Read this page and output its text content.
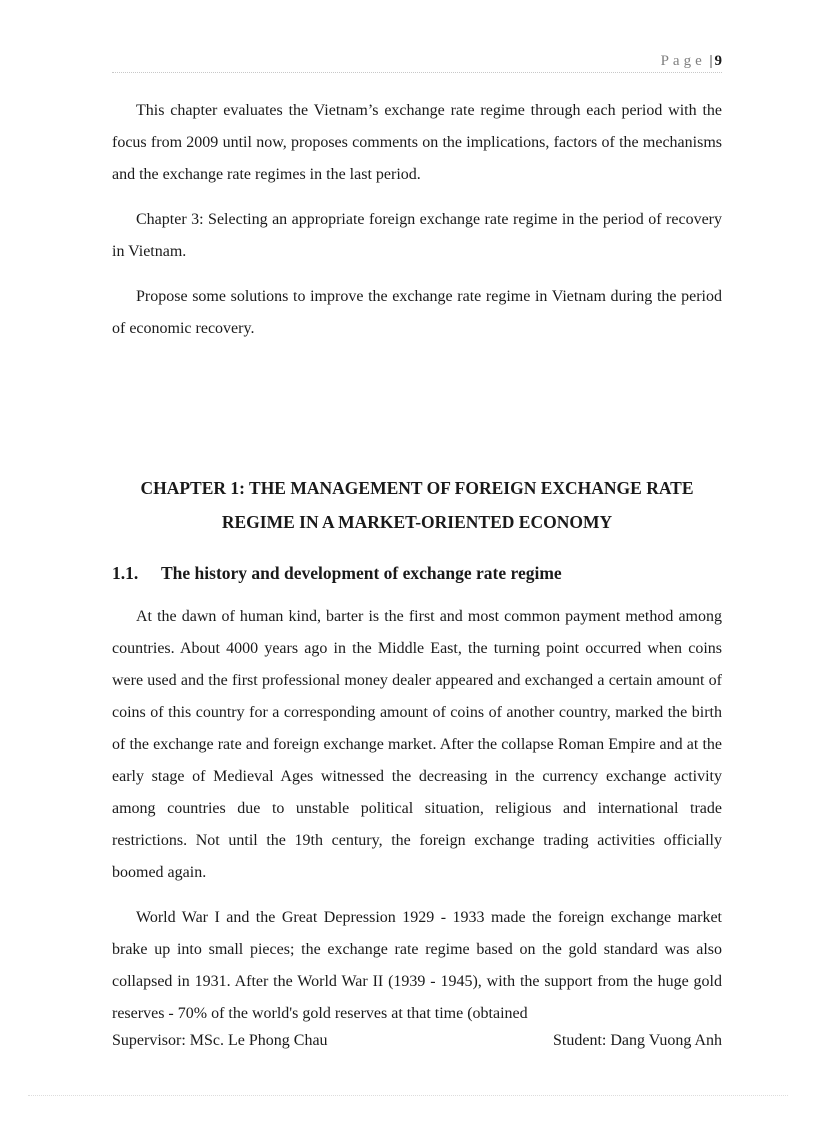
Page | 9

This chapter evaluates the Vietnam’s exchange rate regime through each period with the focus from 2009 until now, proposes comments on the implications, factors of the mechanisms and the exchange rate regimes in the last period.

Chapter 3: Selecting an appropriate foreign exchange rate regime in the period of recovery in Vietnam.

Propose some solutions to improve the exchange rate regime in Vietnam during the period of economic recovery.

CHAPTER 1: THE MANAGEMENT OF FOREIGN EXCHANGE RATE
REGIME IN A MARKET-ORIENTED ECONOMY
1.1. The history and development of exchange rate regime

At the dawn of human kind, barter is the first and most common payment method among countries. About 4000 years ago in the Middle East, the turning point occurred when coins were used and the first professional money dealer appeared and exchanged a certain amount of coins of this country for a corresponding amount of coins of another country, marked the birth of the exchange rate and foreign exchange market. After the collapse Roman Empire and at the early stage of Medieval Ages witnessed the decreasing in the currency exchange activity among countries due to unstable political situation, religious and international trade restrictions. Not until the 19th century, the foreign exchange trading activities officially boomed again.

World War I and the Great Depression 1929 - 1933 made the foreign exchange market brake up into small pieces; the exchange rate regime based on the gold standard was also collapsed in 1931. After the World War II (1939 - 1945), with the support from the huge gold reserves - 70% of the world's gold reserves at that time (obtained

Supervisor: MSc. Le Phong Chau	Student: Dang Vuong Anh
